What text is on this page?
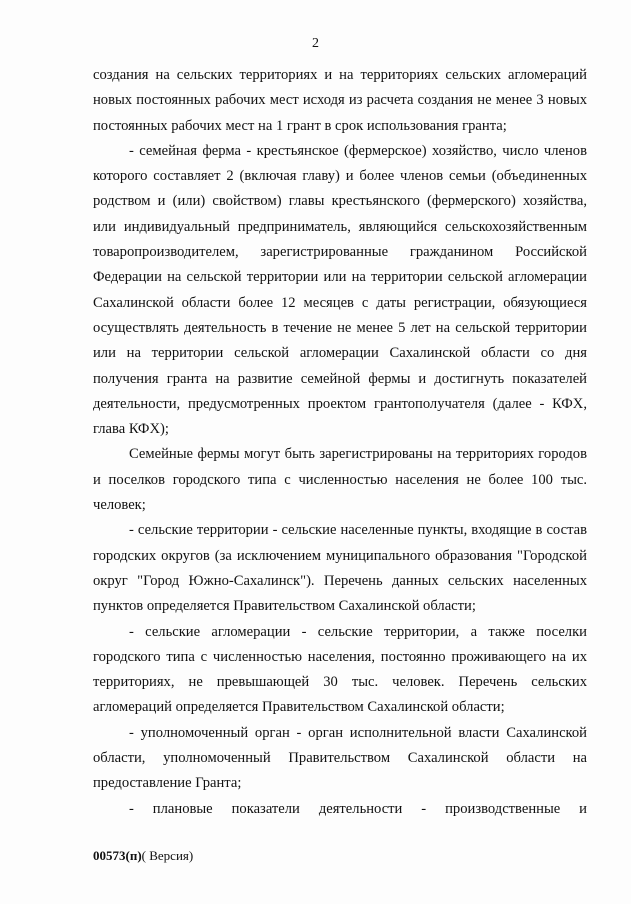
2

создания на сельских территориях и на территориях сельских агломераций новых постоянных рабочих мест исходя из расчета создания не менее 3 новых постоянных рабочих мест на 1 грант в срок использования гранта;

- семейная ферма - крестьянское (фермерское) хозяйство, число членов которого составляет 2 (включая главу) и более членов семьи (объединенных родством и (или) свойством) главы крестьянского (фермерского) хозяйства, или индивидуальный предприниматель, являющийся сельскохозяйственным товаропроизводителем, зарегистрированные гражданином Российской Федерации на сельской территории или на территории сельской агломерации Сахалинской области более 12 месяцев с даты регистрации, обязующиеся осуществлять деятельность в течение не менее 5 лет на сельской территории или на территории сельской агломерации Сахалинской области со дня получения гранта на развитие семейной фермы и достигнуть показателей деятельности, предусмотренных проектом грантополучателя (далее - КФХ, глава КФХ);

Семейные фермы могут быть зарегистрированы на территориях городов и поселков городского типа с численностью населения не более 100 тыс. человек;

- сельские территории - сельские населенные пункты, входящие в состав городских округов (за исключением муниципального образования "Городской округ "Город Южно-Сахалинск"). Перечень данных сельских населенных пунктов определяется Правительством Сахалинской области;

- сельские агломерации - сельские территории, а также поселки городского типа с численностью населения, постоянно проживающего на их территориях, не превышающей 30 тыс. человек. Перечень сельских агломераций определяется Правительством Сахалинской области;

- уполномоченный орган - орган исполнительной власти Сахалинской области, уполномоченный Правительством Сахалинской области на предоставление Гранта;

- плановые показатели деятельности - производственные и

00573(п)( Версия)
